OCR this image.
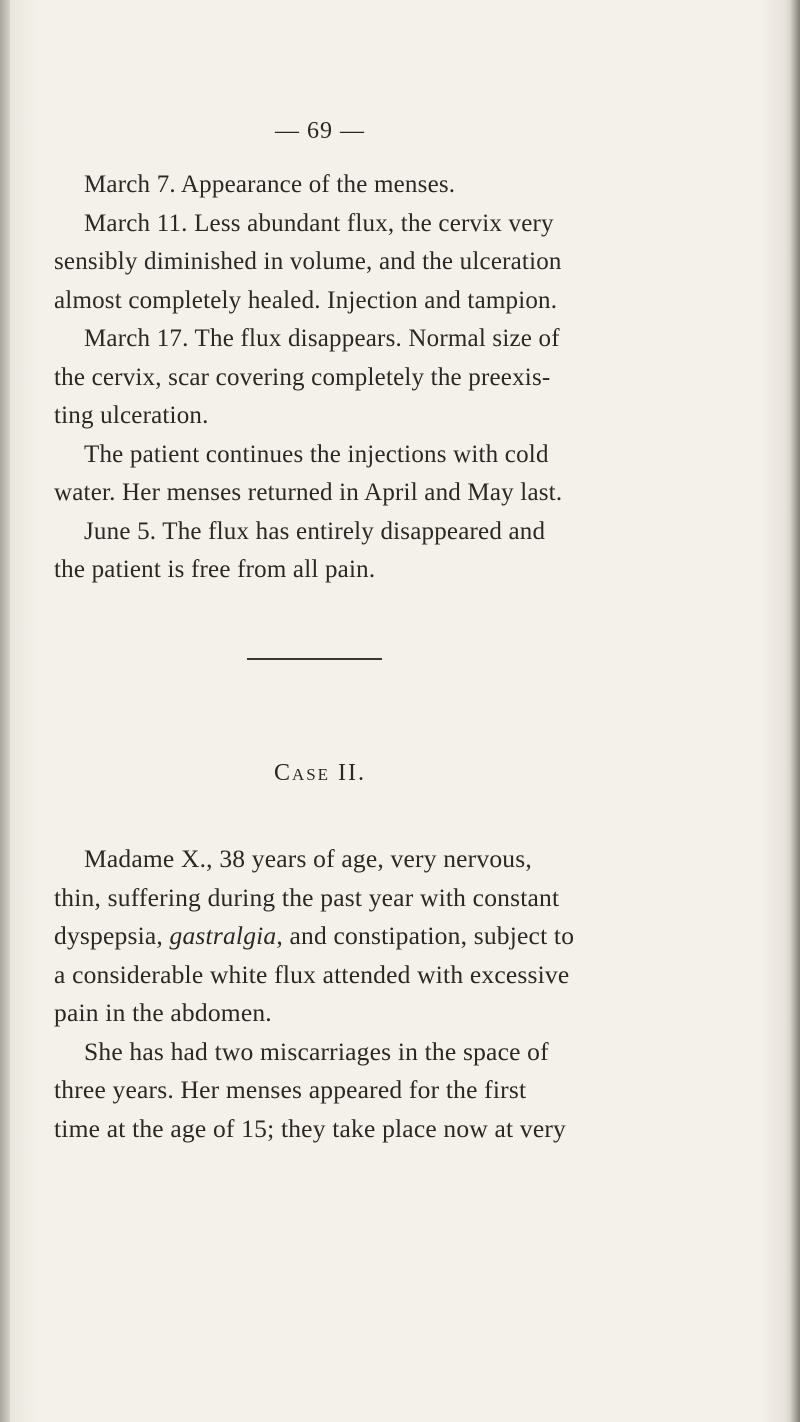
— 69 —
March 7. Appearance of the menses.
March 11. Less abundant flux, the cervix very
sensibly diminished in volume, and the ulceration
almost completely healed. Injection and tampion.
March 17. The flux disappears. Normal size of
the cervix, scar covering completely the preexis-
ting ulceration.
The patient continues the injections with cold
water. Her menses returned in April and May last.
June 5. The flux has entirely disappeared and
the patient is free from all pain.
Case II.
Madame X., 38 years of age, very nervous,
thin, suffering during the past year with constant
dyspepsia, gastralgia, and constipation, subject to
a considerable white flux attended with excessive
pain in the abdomen.
She has had two miscarriages in the space of
three years. Her menses appeared for the first
time at the age of 15; they take place now at very
